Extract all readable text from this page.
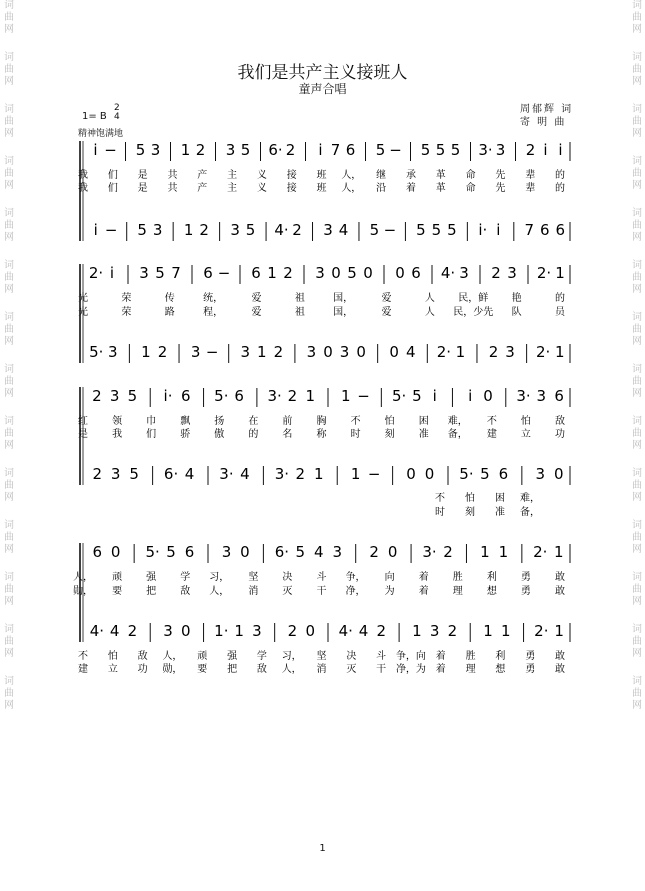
词
曲
网
词
曲
网
词
曲
网
词
曲
网
词
曲
网
词
曲
网
词
曲
网
词
曲
网
词
曲
网
词
曲
网
词
曲
网
词
曲
网
词
曲
网
词
曲
网
词
曲
网
词
曲
网
词
曲
网
词
曲
网
词
曲
网
词
曲
网
词
曲
网
词
曲
网
词
曲
网
词
曲
网
词
曲
网
词
曲
网
词
曲
网
词
曲
网
我们是共产主义接班人
童声合唱
周郁辉 词
寄 明 曲
1= B
2
4
精神饱满地
i − 5 3 1 2 3 5 6· 2 i 7 6 5 − 5 5 5 3· 3 2 i i
我 们 是 共 产 主 义 接 班 人， 继 承 革 命 先 辈 的
我 们 是 共 产 主 义 接 班 人， 沿 着 革 命 先 辈 的
i − 5 3 1 2 3 5 4· 2 3 4 5 − 5 5 5 i· i 7 6 6
2· i 3 5 7 6 − 6 1 2 3 0 5 0 0 6 4· 3 2 3 2· 1
光	荣	传	统，	爱	祖	国，	爱	人 民，鲜 艳	的
光	荣	路	程，	爱	祖	国，	爱	人 民，少先 队	员
5· 3 1 2 3 − 3 1 2 3 0 3 0 0 4 2· 1 2 3 2· 1
2 3 5 i· 6 5· 6 3· 2 1 1 − 5· 5 i i 0 3· 3 6
红 领 巾 飘 扬 在 前 胸 不 怕 困 难， 不 怕 敌
是 我 们 骄 傲 的 名 称 时 刻 准 备， 建 立 功
2 3 5 6· 4 3· 4 3· 2 1 1 − 0 0 5· 5 6 3 0
不 怕 困 难，
时 刻 准 备，
6 0 5· 5 6 3 0 6· 5 4 3 2 0 3· 2 1 1 2· 1
人， 顽 强 学 习， 坚 决 斗 争， 向 着 胜 利 勇 敢
勋， 要 把 敌 人， 消 灭 干 净， 为 着 理 想 勇 敢
4· 4 2 3 0 1· 1 3 2 0 4· 4 2 1 3 2 1 1 2· 1
不 怕 敌 人， 顽 强 学 习， 坚 决 斗 争，向 着 胜 利 勇 敢
建 立 功 勋， 要 把 敌 人， 消 灭 干 净，为 着 理 想 勇 敢
1
